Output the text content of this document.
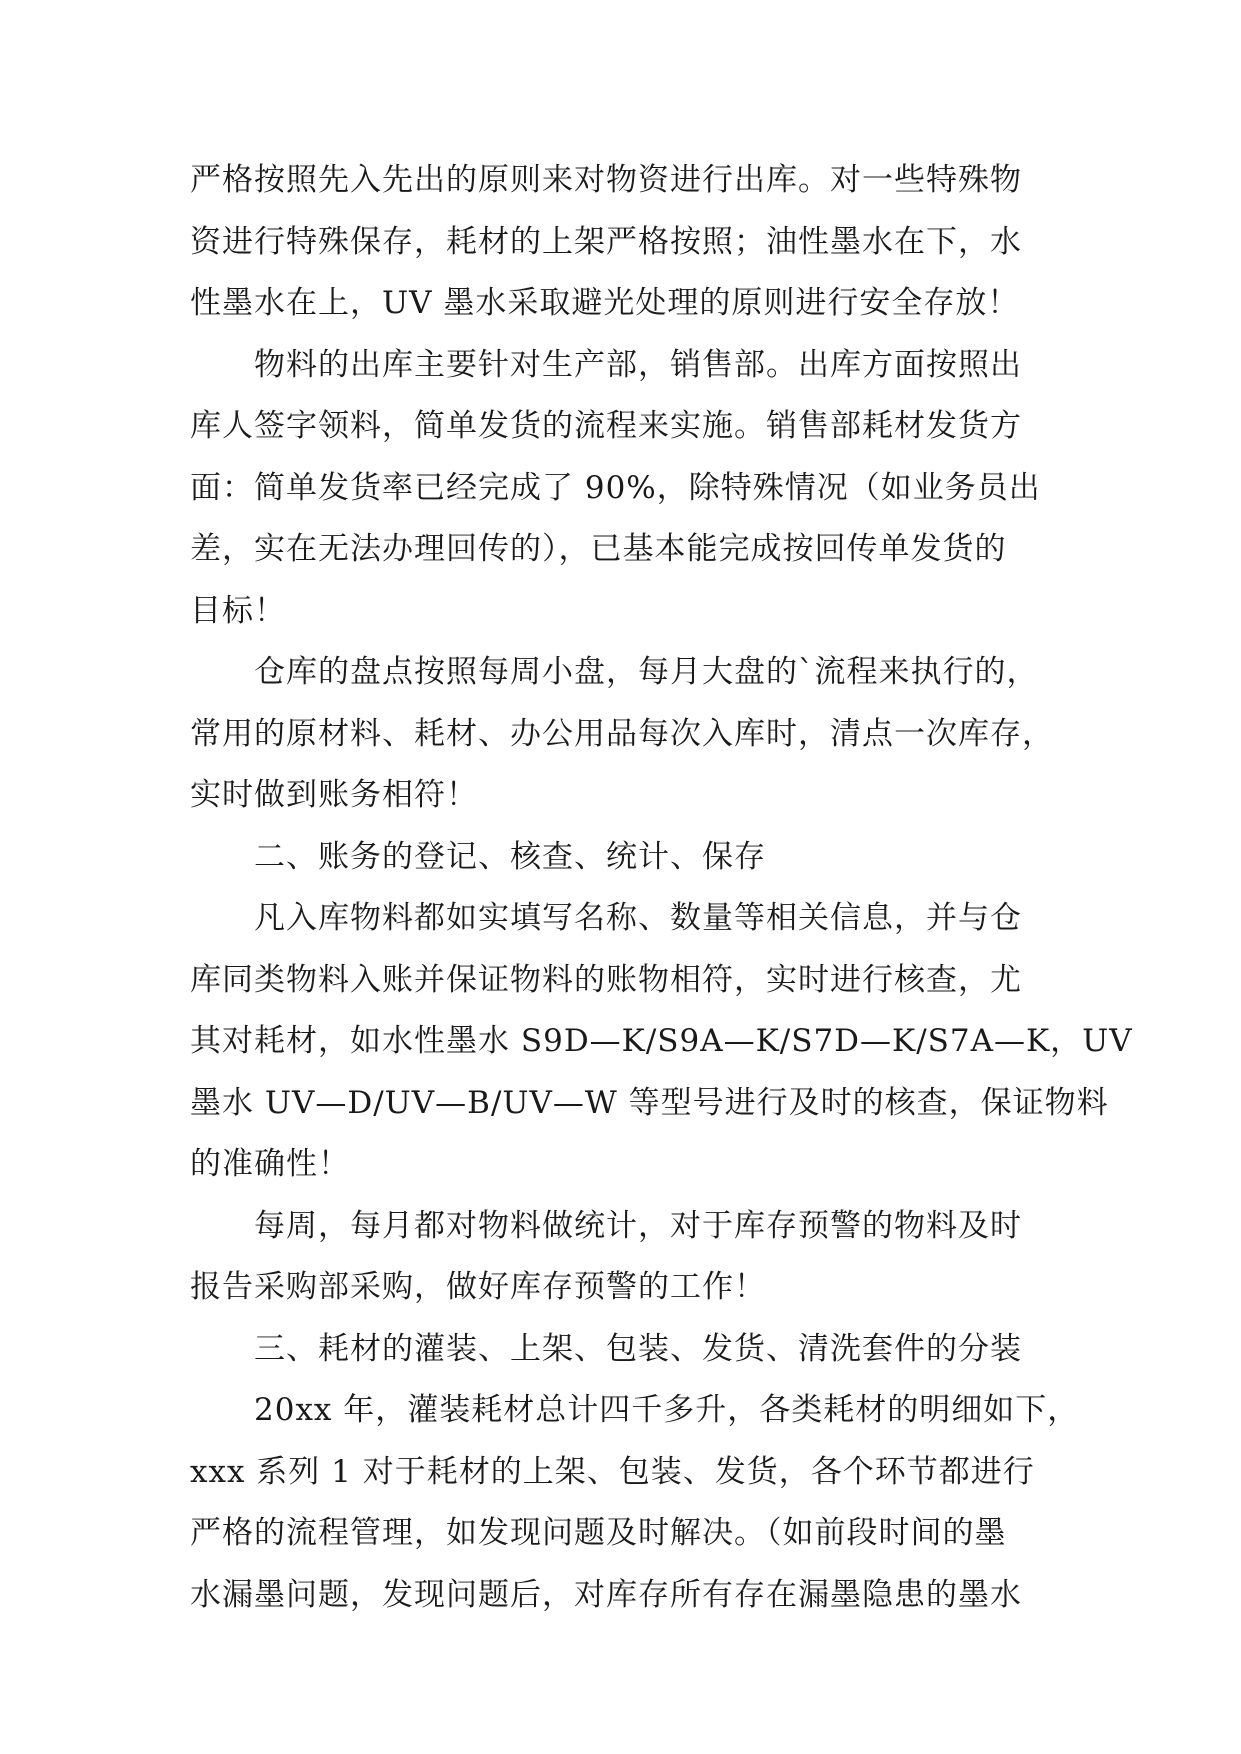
严格按照先入先出的原则来对物资进行出库。对一些特殊物
资进行特殊保存，耗材的上架严格按照；油性墨水在下，水
性墨水在上，UV 墨水采取避光处理的原则进行安全存放！
物料的出库主要针对生产部，销售部。出库方面按照出
库人签字领料，简单发货的流程来实施。销售部耗材发货方
面：简单发货率已经完成了 90%，除特殊情况（如业务员出
差，实在无法办理回传的），已基本能完成按回传单发货的
目标！
仓库的盘点按照每周小盘，每月大盘的`流程来执行的，
常用的原材料、耗材、办公用品每次入库时，清点一次库存，
实时做到账务相符！
二、账务的登记、核查、统计、保存
凡入库物料都如实填写名称、数量等相关信息，并与仓
库同类物料入账并保证物料的账物相符，实时进行核查，尤
其对耗材，如水性墨水 S9D—K/S9A—K/S7D—K/S7A—K，UV
墨水 UV—D/UV—B/UV—W 等型号进行及时的核查，保证物料
的准确性！
每周，每月都对物料做统计，对于库存预警的物料及时
报告采购部采购，做好库存预警的工作！
三、耗材的灌装、上架、包装、发货、清洗套件的分装
20xx 年，灌装耗材总计四千多升，各类耗材的明细如下，
xxx 系列 1 对于耗材的上架、包装、发货，各个环节都进行
严格的流程管理，如发现问题及时解决。（如前段时间的墨
水漏墨问题，发现问题后，对库存所有存在漏墨隐患的墨水
